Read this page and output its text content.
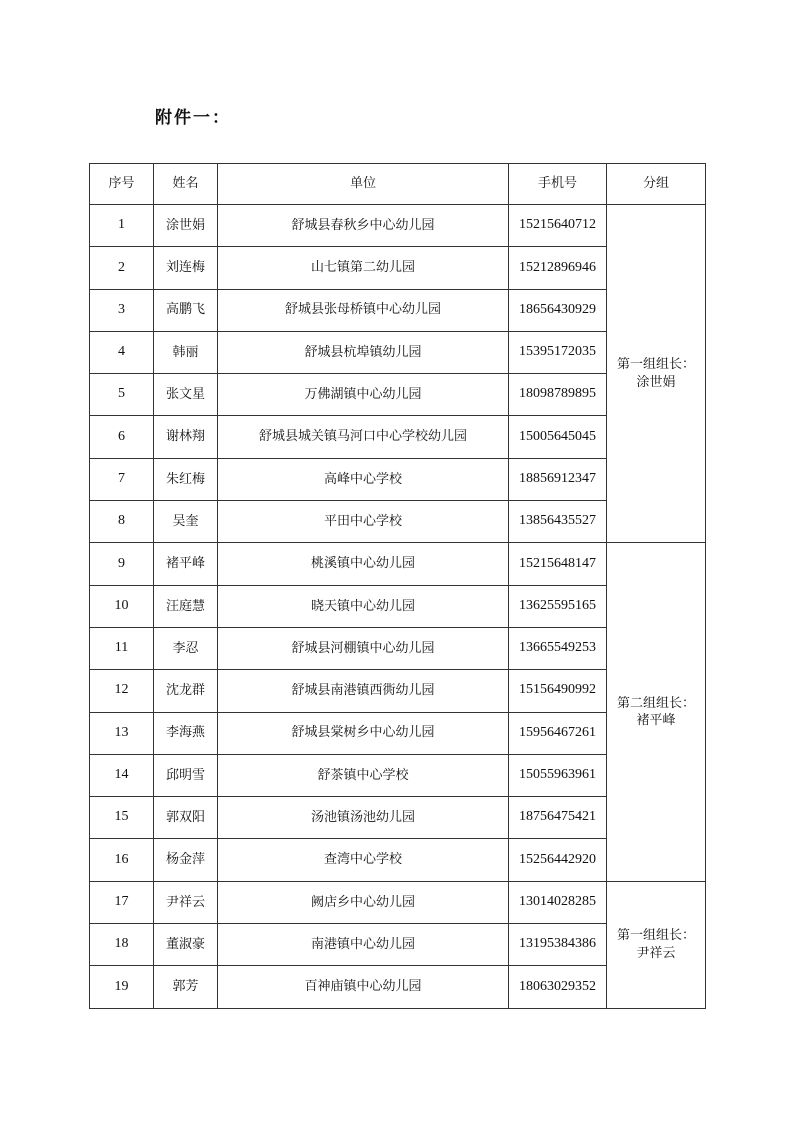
附件一：
序号	姓名	单位	手机号	分组
1	涂世娟	舒城县春秋乡中心幼儿园	15215640712	第一组组长：
涂世娟

2	刘连梅	山七镇第二幼儿园	15212896946	
3	高鹏飞	舒城县张母桥镇中心幼儿园	18656430929	
4	韩丽	舒城县杭埠镇幼儿园	15395172035	
5	张文星	万佛湖镇中心幼儿园	18098789895	
6	谢林翔	舒城县城关镇马河口中心学校幼儿园	15005645045	
7	朱红梅	高峰中心学校	18856912347	
8	吴奎	平田中心学校	13856435527	
9	褚平峰	桃溪镇中心幼儿园	15215648147	第二组组长：
褚平峰

10	汪庭慧	晓天镇中心幼儿园	13625595165	
11	李忍	舒城县河棚镇中心幼儿园	13665549253	
12	沈龙群	舒城县南港镇西衖幼儿园	15156490992	
13	李海燕	舒城县棠树乡中心幼儿园	15956467261	
14	邱明雪	舒茶镇中心学校	15055963961	
15	郭双阳	汤池镇汤池幼儿园	18756475421	
16	杨金萍	查湾中心学校	15256442920	
17	尹祥云	阙店乡中心幼儿园	13014028285	第一组组长：
尹祥云

18	董淑豪	南港镇中心幼儿园	13195384386	
19	郭芳	百神庙镇中心幼儿园	18063029352	
